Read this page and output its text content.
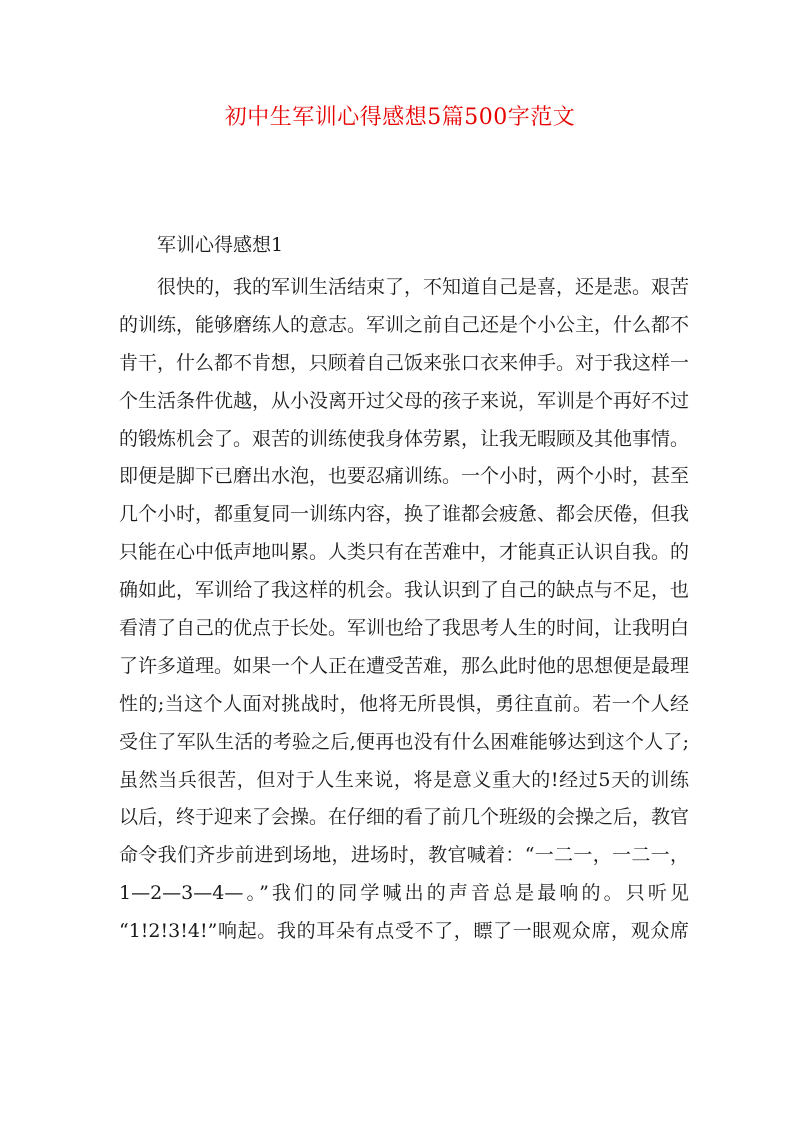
初中生军训心得感想5篇500字范文
军训心得感想1
很快的，我的军训生活结束了，不知道自己是喜，还是悲。艰苦
的训练，能够磨练人的意志。军训之前自己还是个小公主，什么都不
肯干，什么都不肯想，只顾着自己饭来张口衣来伸手。对于我这样一
个生活条件优越，从小没离开过父母的孩子来说，军训是个再好不过
的锻炼机会了。艰苦的训练使我身体劳累，让我无暇顾及其他事情。
即便是脚下已磨出水泡，也要忍痛训练。一个小时，两个小时，甚至
几个小时，都重复同一训练内容，换了谁都会疲惫、都会厌倦，但我
只能在心中低声地叫累。人类只有在苦难中，才能真正认识自我。的
确如此，军训给了我这样的机会。我认识到了自己的缺点与不足，也
看清了自己的优点于长处。军训也给了我思考人生的时间，让我明白
了许多道理。如果一个人正在遭受苦难，那么此时他的思想便是最理
性的;当这个人面对挑战时，他将无所畏惧，勇往直前。若一个人经
受住了军队生活的考验之后,便再也没有什么困难能够达到这个人了;
虽然当兵很苦，但对于人生来说，将是意义重大的!经过5天的训练
以后，终于迎来了会操。在仔细的看了前几个班级的会操之后，教官
命令我们齐步前进到场地，进场时，教官喊着：“一二一，一二一，
1—2—3—4—。”我们的同学喊出的声音总是最响的。只听见
“1!2!3!4!”响起。我的耳朵有点受不了，瞟了一眼观众席，观众席
